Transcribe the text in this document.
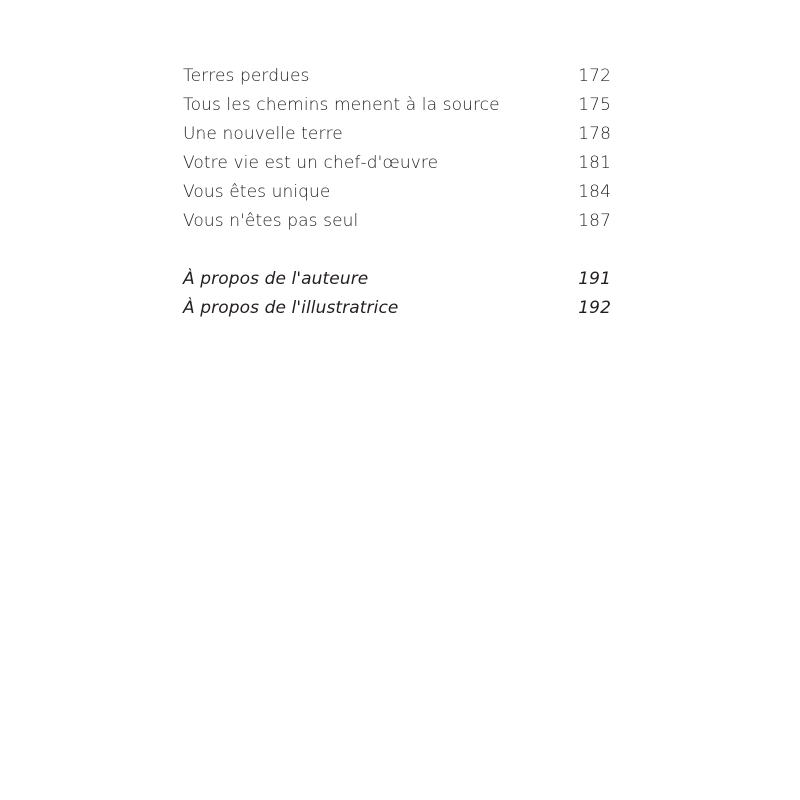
Terres perdues	172
Tous les chemins menent à la source	175
Une nouvelle terre	178
Votre vie est un chef-d'œuvre	181
Vous êtes unique	184
Vous n'êtes pas seul	187
À propos de l'auteure	191
À propos de l'illustratrice	192
